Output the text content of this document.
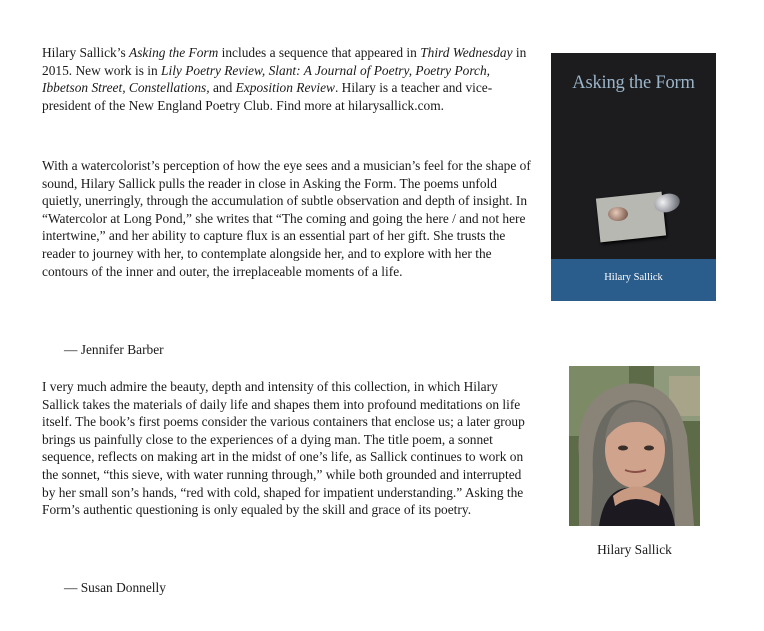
Hilary Sallick’s Asking the Form includes a sequence that appeared in Third Wednesday in 2015. New work is in Lily Poetry Review, Slant: A Journal of Poetry, Poetry Porch, Ibbetson Street, Constellations, and Exposition Review. Hilary is a teacher and vice-president of the New England Poetry Club. Find more at hilarysallick.com.

With a watercolorist’s perception of how the eye sees and a musician’s feel for the shape of sound, Hilary Sallick pulls the reader in close in Asking the Form. The poems unfold quietly, unerringly, through the accumulation of subtle observation and depth of insight. In “Watercolor at Long Pond,” she writes that “The coming and going the here / and not here intertwine,” and her ability to capture flux is an essential part of her gift. She trusts the reader to journey with her, to contemplate alongside her, and to explore with her the contours of the inner and outer, the irreplaceable moments of a life.

— Jennifer Barber

I very much admire the beauty, depth and intensity of this collection, in which Hilary Sallick takes the materials of daily life and shapes them into profound meditations on life itself. The book’s first poems consider the various containers that enclose us; a later group brings us painfully close to the experiences of a dying man. The title poem, a sonnet sequence, reflects on making art in the midst of one’s life, as Sallick continues to work on the sonnet, “this sieve, with water running through,” while both grounded and interrupted by her small son’s hands, “red with cold, shaped for impatient understanding.” Asking the Form’s authentic questioning is only equaled by the skill and grace of its poetry.

— Susan Donnelly

Asking the Form
Hilary Sallick

Hilary Sallick
